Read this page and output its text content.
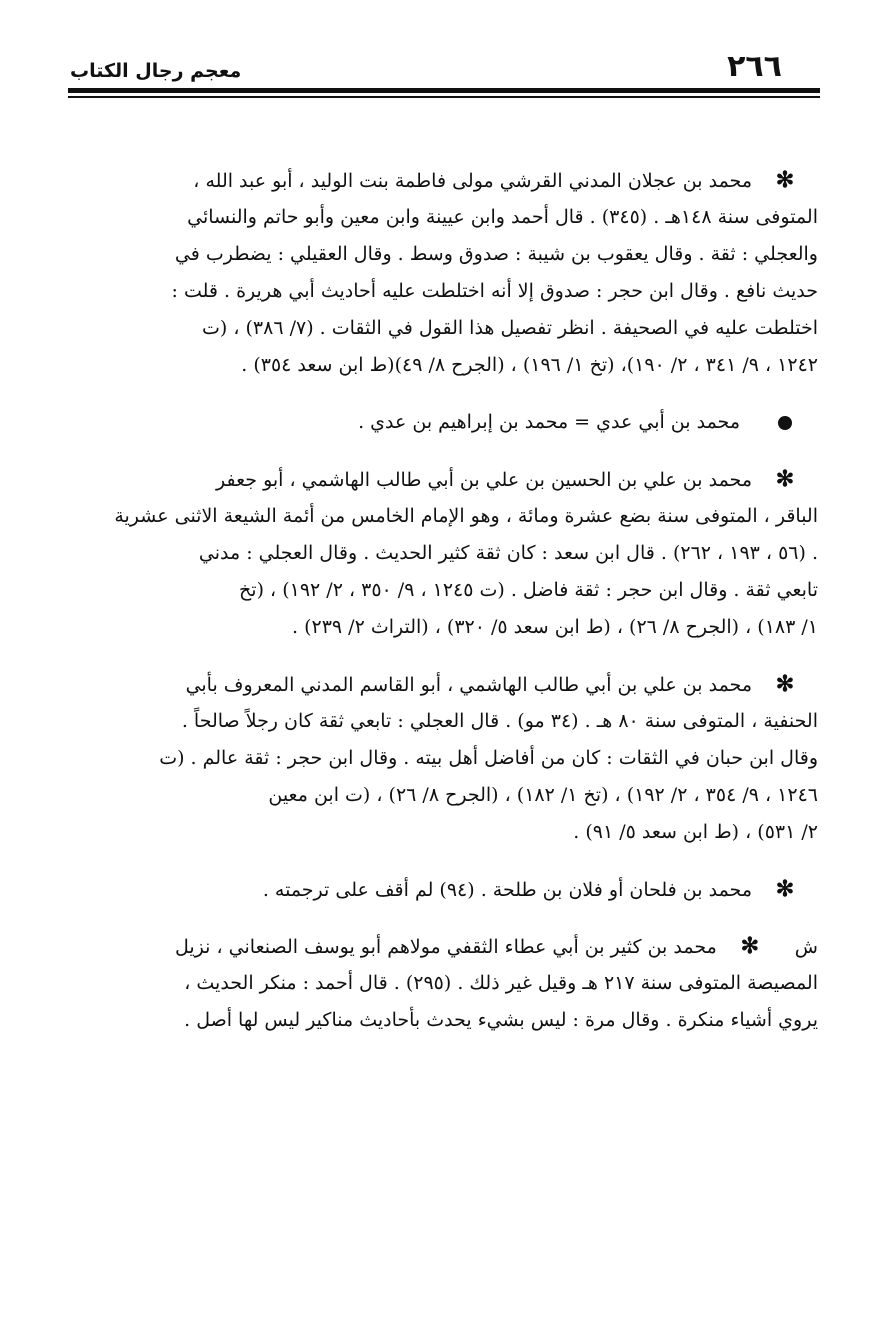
٢٦٦
معجم رجال الكتاب
✻محمد بن عجلان المدني القرشي مولى فاطمة بنت الوليد ، أبو عبد الله ،
المتوفى سنة ١٤٨هـ . (٣٤٥) . قال أحمد وابن عيينة وابن معين وأبو حاتم والنسائي
والعجلي : ثقة . وقال يعقوب بن شيبة : صدوق وسط . وقال العقيلي : يضطرب في
حديث نافع . وقال ابن حجر : صدوق إلا أنه اختلطت عليه أحاديث أبي هريرة . قلت :
اختلطت عليه في الصحيفة . انظر تفصيل هذا القول في الثقات . (٧/ ٣٨٦) ، (ت
١٢٤٢ ، ٩/ ٣٤١ ، ٢/ ١٩٠)، (تخ ١/ ١٩٦) ، (الجرح ٨/ ٤٩)(ط ابن سعد ٣٥٤) .
محمد بن أبي عدي = محمد بن إبراهيم بن عدي .
✻محمد بن علي بن الحسين بن علي بن أبي طالب الهاشمي ، أبو جعفر
الباقر ، المتوفى سنة بضع عشرة ومائة ، وهو الإمام الخامس من أئمة الشيعة الاثنى عشرية
. (٥٦ ، ١٩٣ ، ٢٦٢) . قال ابن سعد : كان ثقة كثير الحديث . وقال العجلي : مدني
تابعي ثقة . وقال ابن حجر : ثقة فاضل . (ت ١٢٤٥ ، ٩/ ٣٥٠ ، ٢/ ١٩٢) ، (تخ
١/ ١٨٣) ، (الجرح ٨/ ٢٦) ، (ط ابن سعد ٥/ ٣٢٠) ، (التراث ٢/ ٢٣٩) .
✻محمد بن علي بن أبي طالب الهاشمي ، أبو القاسم المدني المعروف بأبي
الحنفية ، المتوفى سنة ٨٠ هـ . (٣٤ مو) . قال العجلي : تابعي ثقة كان رجلاً صالحاً .
وقال ابن حبان في الثقات : كان من أفاضل أهل بيته . وقال ابن حجر : ثقة عالم . (ت
١٢٤٦ ، ٩/ ٣٥٤ ، ٢/ ١٩٢) ، (تخ ١/ ١٨٢) ، (الجرح ٨/ ٢٦) ، (ت ابن معين
٢/ ٥٣١) ، (ط ابن سعد ٥/ ٩١) .
✻محمد بن فلحان أو فلان بن طلحة . (٩٤) لم أقف على ترجمته .
ش✻محمد بن كثير بن أبي عطاء الثقفي مولاهم أبو يوسف الصنعاني ، نزيل
المصيصة المتوفى سنة ٢١٧ هـ وقيل غير ذلك . (٢٩٥) . قال أحمد : منكر الحديث ،
يروي أشياء منكرة . وقال مرة : ليس بشيء يحدث بأحاديث مناكير ليس لها أصل .
